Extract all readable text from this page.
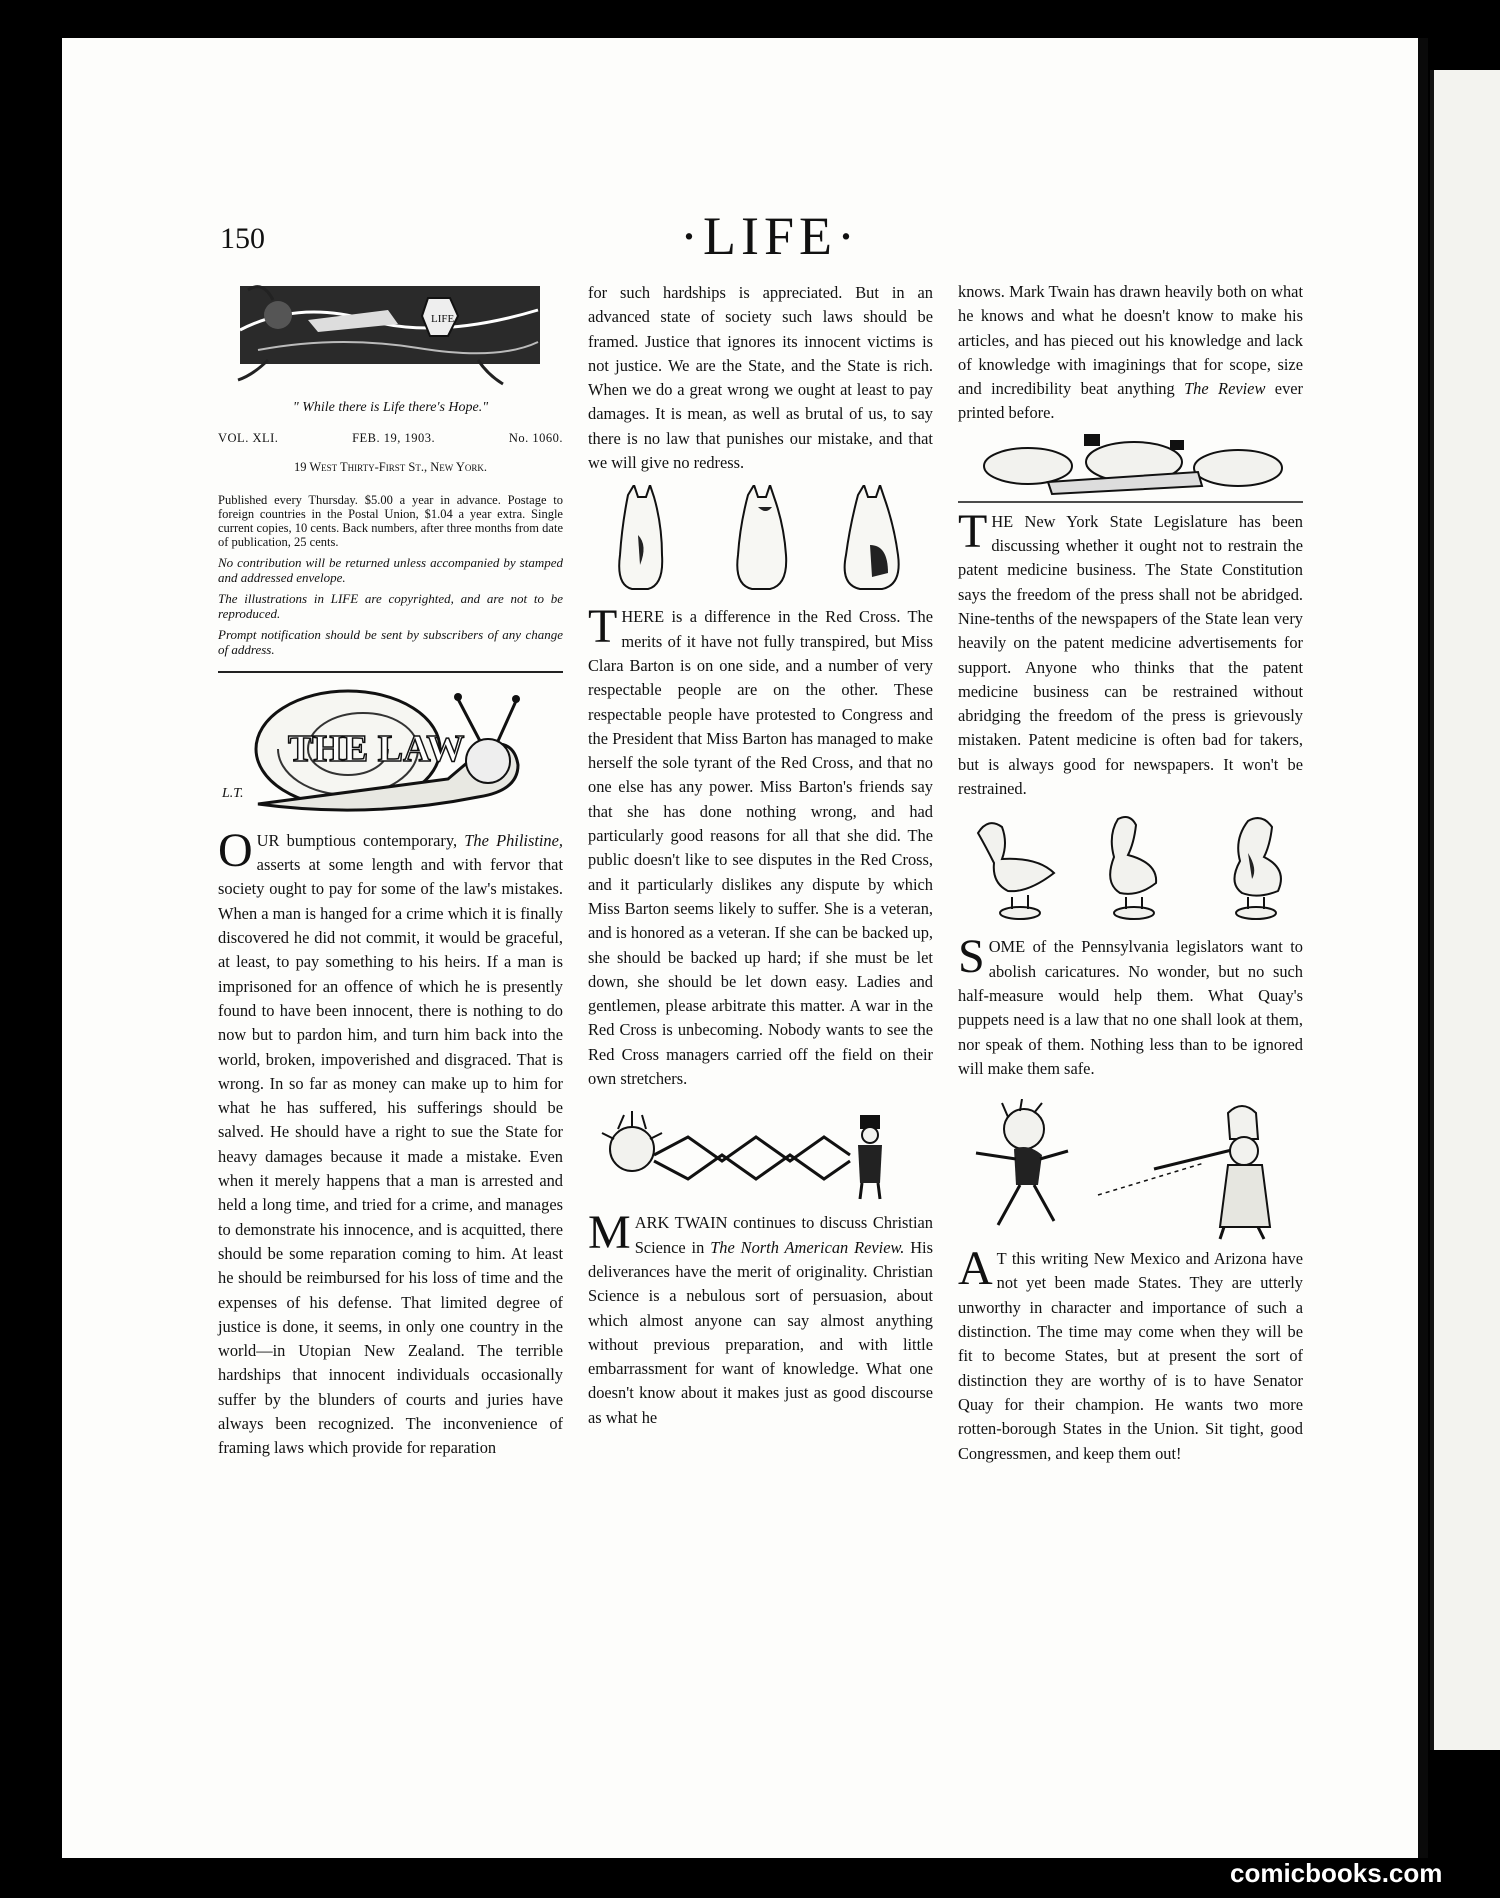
150	·LIFE·
LIFE
" While there is Life there's Hope."
VOL. XLI.	FEB. 19, 1903.	No. 1060.
19 West Thirty-First St., New York.
Published every Thursday. $5.00 a year in advance. Postage to foreign countries in the Postal Union, $1.04 a year extra. Single current copies, 10 cents. Back numbers, after three months from date of publication, 25 cents.
No contribution will be returned unless accompanied by stamped and addressed envelope.
The illustrations in LIFE are copyrighted, and are not to be reproduced.
Prompt notification should be sent by subscribers of any change of address.
THE LAW
L.T.

OUR bumptious contemporary, The Philistine, asserts at some length and with fervor that society ought to pay for some of the law's mistakes. When a man is hanged for a crime which it is finally discovered he did not commit, it would be graceful, at least, to pay something to his heirs. If a man is imprisoned for an offence of which he is presently found to have been innocent, there is nothing to do now but to pardon him, and turn him back into the world, broken, impoverished and disgraced. That is wrong. In so far as money can make up to him for what he has suffered, his sufferings should be salved. He should have a right to sue the State for heavy damages because it made a mistake. Even when it merely happens that a man is arrested and held a long time, and tried for a crime, and manages to demonstrate his innocence, and is acquitted, there should be some reparation coming to him. At least he should be reimbursed for his loss of time and the expenses of his defense. That limited degree of justice is done, it seems, in only one country in the world—in Utopian New Zealand. The terrible hardships that innocent individuals occasionally suffer by the blunders of courts and juries have always been recognized. The inconvenience of framing laws which provide for reparation

for such hardships is appreciated. But in an advanced state of society such laws should be framed. Justice that ignores its innocent victims is not justice. We are the State, and the State is rich. When we do a great wrong we ought at least to pay damages. It is mean, as well as brutal of us, to say there is no law that punishes our mistake, and that we will give no redress.

THERE is a difference in the Red Cross. The merits of it have not fully transpired, but Miss Clara Barton is on one side, and a number of very respectable people are on the other. These respectable people have protested to Congress and the President that Miss Barton has managed to make herself the sole tyrant of the Red Cross, and that no one else has any power. Miss Barton's friends say that she has done nothing wrong, and had particularly good reasons for all that she did. The public doesn't like to see disputes in the Red Cross, and it particularly dislikes any dispute by which Miss Barton seems likely to suffer. She is a veteran, and is honored as a veteran. If she can be backed up, she should be backed up hard; if she must be let down, she should be let down easy. Ladies and gentlemen, please arbitrate this matter. A war in the Red Cross is unbecoming. Nobody wants to see the Red Cross managers carried off the field on their own stretchers.

MARK TWAIN continues to discuss Christian Science in The North American Review. His deliverances have the merit of originality. Christian Science is a nebulous sort of persuasion, about which almost anyone can say almost anything without previous preparation, and with little embarrassment for want of knowledge. What one doesn't know about it makes just as good discourse as what he

knows. Mark Twain has drawn heavily both on what he knows and what he doesn't know to make his articles, and has pieced out his knowledge and lack of knowledge with imaginings that for scope, size and incredibility beat anything The Review ever printed before.

THE New York State Legislature has been discussing whether it ought not to restrain the patent medicine business. The State Constitution says the freedom of the press shall not be abridged. Nine-tenths of the newspapers of the State lean very heavily on the patent medicine advertisements for support. Anyone who thinks that the patent medicine business can be restrained without abridging the freedom of the press is grievously mistaken. Patent medicine is often bad for takers, but is always good for newspapers. It won't be restrained.

SOME of the Pennsylvania legislators want to abolish caricatures. No wonder, but no such half-measure would help them. What Quay's puppets need is a law that no one shall look at them, nor speak of them. Nothing less than to be ignored will make them safe.

A T this writing New Mexico and Arizona have not yet been made States. They are utterly unworthy in character and importance of such a distinction. The time may come when they will be fit to become States, but at present the sort of distinction they are worthy of is to have Senator Quay for their champion. He wants two more rotten-borough States in the Union. Sit tight, good Congressmen, and keep them out!

comicbooks.com
